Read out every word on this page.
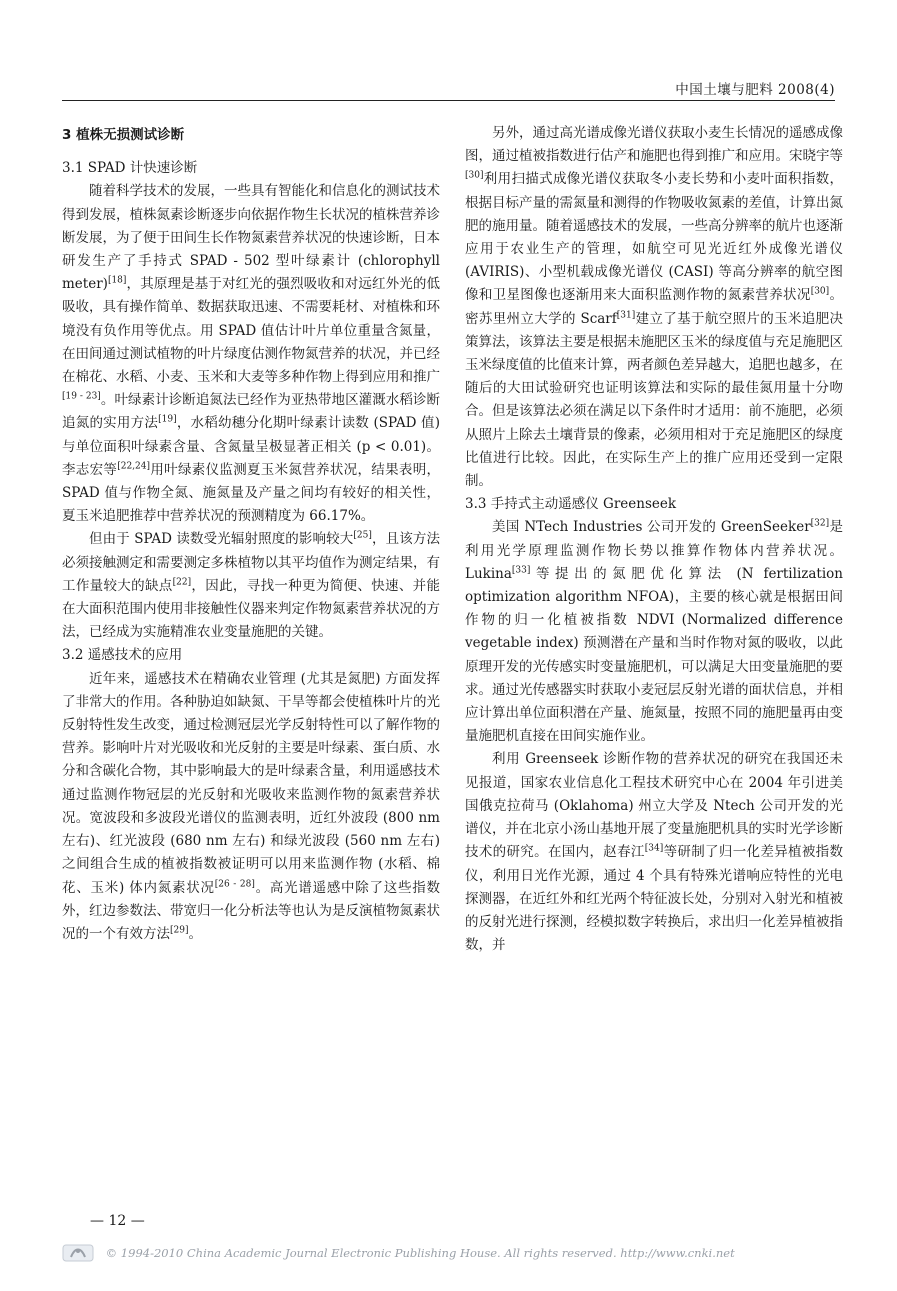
中国土壤与肥料 2008(4)
3 植株无损测试诊断
3.1 SPAD 计快速诊断

随着科学技术的发展，一些具有智能化和信息化的测试技术得到发展，植株氮素诊断逐步向依据作物生长状况的植株营养诊断发展，为了便于田间生长作物氮素营养状况的快速诊断，日本研发生产了手持式 SPAD - 502 型叶绿素计 (chlorophyll meter)[18]，其原理是基于对红光的强烈吸收和对远红外光的低吸收，具有操作简单、数据获取迅速、不需要耗材、对植株和环境没有负作用等优点。用 SPAD 值估计叶片单位重量含氮量，在田间通过测试植物的叶片绿度估测作物氮营养的状况，并已经在棉花、水稻、小麦、玉米和大麦等多种作物上得到应用和推广[19 - 23]。叶绿素计诊断追氮法已经作为亚热带地区灌溉水稻诊断追氮的实用方法[19]，水稻幼穗分化期叶绿素计读数 (SPAD 值) 与单位面积叶绿素含量、含氮量呈极显著正相关 (p < 0.01)。李志宏等[22,24]用叶绿素仪监测夏玉米氮营养状况，结果表明，SPAD 值与作物全氮、施氮量及产量之间均有较好的相关性，夏玉米追肥推荐中营养状况的预测精度为 66.17%。

但由于 SPAD 读数受光辐射照度的影响较大[25]，且该方法必须接触测定和需要测定多株植物以其平均值作为测定结果，有工作量较大的缺点[22]，因此，寻找一种更为简便、快速、并能在大面积范围内使用非接触性仪器来判定作物氮素营养状况的方法，已经成为实施精准农业变量施肥的关键。

3.2 遥感技术的应用

近年来，遥感技术在精确农业管理 (尤其是氮肥) 方面发挥了非常大的作用。各种胁迫如缺氮、干旱等都会使植株叶片的光反射特性发生改变，通过检测冠层光学反射特性可以了解作物的营养。影响叶片对光吸收和光反射的主要是叶绿素、蛋白质、水分和含碳化合物，其中影响最大的是叶绿素含量，利用遥感技术通过监测作物冠层的光反射和光吸收来监测作物的氮素营养状况。宽波段和多波段光谱仪的监测表明，近红外波段 (800 nm 左右)、红光波段 (680 nm 左右) 和绿光波段 (560 nm 左右) 之间组合生成的植被指数被证明可以用来监测作物 (水稻、棉花、玉米) 体内氮素状况[26 - 28]。高光谱遥感中除了这些指数外，红边参数法、带宽归一化分析法等也认为是反演植物氮素状况的一个有效方法[29]。

另外，通过高光谱成像光谱仪获取小麦生长情况的遥感成像图，通过植被指数进行估产和施肥也得到推广和应用。宋晓宇等[30]利用扫描式成像光谱仪获取冬小麦长势和小麦叶面积指数，根据目标产量的需氮量和测得的作物吸收氮素的差值，计算出氮肥的施用量。随着遥感技术的发展，一些高分辨率的航片也逐渐应用于农业生产的管理，如航空可见光近红外成像光谱仪 (AVIRIS)、小型机载成像光谱仪 (CASI) 等高分辨率的航空图像和卫星图像也逐渐用来大面积监测作物的氮素营养状况[30]。密苏里州立大学的 Scarf[31]建立了基于航空照片的玉米追肥决策算法，该算法主要是根据未施肥区玉米的绿度值与充足施肥区玉米绿度值的比值来计算，两者颜色差异越大，追肥也越多，在随后的大田试验研究也证明该算法和实际的最佳氮用量十分吻合。但是该算法必须在满足以下条件时才适用：前不施肥，必须从照片上除去土壤背景的像素，必须用相对于充足施肥区的绿度比值进行比较。因此，在实际生产上的推广应用还受到一定限制。

3.3 手持式主动遥感仪 Greenseek

美国 NTech Industries 公司开发的 GreenSeeker[32]是利用光学原理监测作物长势以推算作物体内营养状况。Lukina[33]等提出的氮肥优化算法 (N fertilization optimization algorithm NFOA)，主要的核心就是根据田间作物的归一化植被指数 NDVI (Normalized difference vegetable index) 预测潜在产量和当时作物对氮的吸收，以此原理开发的光传感实时变量施肥机，可以满足大田变量施肥的要求。通过光传感器实时获取小麦冠层反射光谱的面状信息，并相应计算出单位面积潜在产量、施氮量，按照不同的施肥量再由变量施肥机直接在田间实施作业。

利用 Greenseek 诊断作物的营养状况的研究在我国还未见报道，国家农业信息化工程技术研究中心在 2004 年引进美国俄克拉荷马 (Oklahoma) 州立大学及 Ntech 公司开发的光谱仪，并在北京小汤山基地开展了变量施肥机具的实时光学诊断技术的研究。在国内，赵春江[34]等研制了归一化差异植被指数仪，利用日光作光源，通过 4 个具有特殊光谱响应特性的光电探测器，在近红外和红光两个特征波长处，分别对入射光和植被的反射光进行探测，经模拟数字转换后，求出归一化差异植被指数，并

— 12 —
© 1994-2010 China Academic Journal Electronic Publishing House. All rights reserved. http://www.cnki.net
